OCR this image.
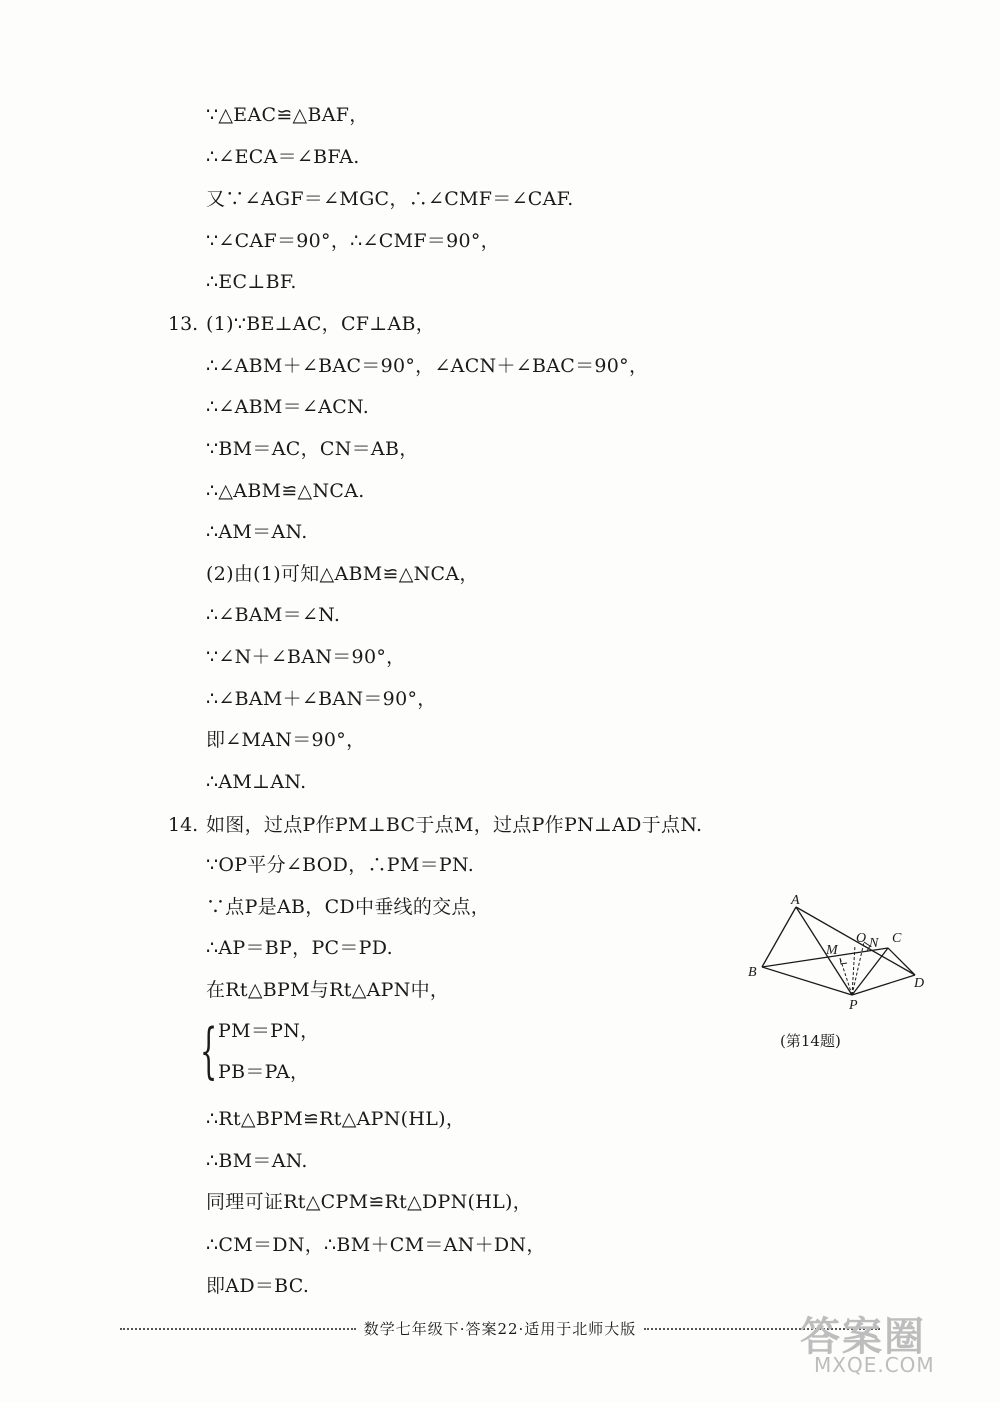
∵△EAC≌△BAF，
∴∠ECA＝∠BFA.
又∵∠AGF＝∠MGC，∴∠CMF＝∠CAF.
∵∠CAF＝90°，∴∠CMF＝90°，
∴EC⊥BF.
13. (1)∵BE⊥AC，CF⊥AB，
∴∠ABM＋∠BAC＝90°，∠ACN＋∠BAC＝90°，
∴∠ABM＝∠ACN.
∵BM＝AC，CN＝AB，
∴△ABM≌△NCA.
∴AM＝AN.
(2)由(1)可知△ABM≌△NCA，
∴∠BAM＝∠N.
∵∠N＋∠BAN＝90°，
∴∠BAM＋∠BAN＝90°，
即∠MAN＝90°，
∴AM⊥AN.
14. 如图，过点P作PM⊥BC于点M，过点P作PN⊥AD于点N.
∵OP平分∠BOD，∴PM＝PN.
∵点P是AB，CD中垂线的交点，
∴AP＝BP，PC＝PD.
在Rt△BPM与Rt△APN中，
{ PM＝PN，
PB＝PA，
∴Rt△BPM≌Rt△APN(HL)，
∴BM＝AN.
同理可证Rt△CPM≌Rt△DPN(HL)，
∴CM＝DN，∴BM＋CM＝AN＋DN，
即AD＝BC.
A
B
C
D
O
M N
P
(第14题)
数学七年级下·答案22·适用于北师大版	答案圈
MXQE.COM
